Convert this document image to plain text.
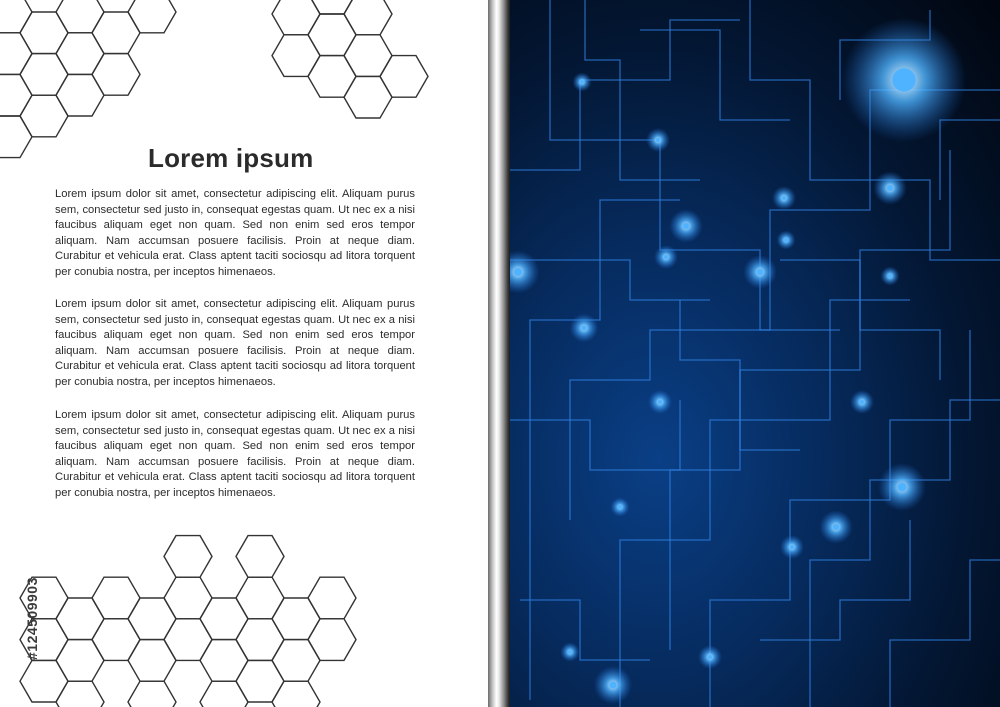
Lorem ipsum

Lorem ipsum dolor sit amet, consectetur adipiscing elit. Aliquam purus sem, consectetur sed justo in, consequat egestas quam. Ut nec ex a nisi faucibus aliquam eget non quam. Sed non enim sed eros tempor aliquam. Nam accumsan posuere facilisis. Proin at neque diam. Curabitur et vehicula erat. Class aptent taciti sociosqu ad litora torquent per conubia nostra, per inceptos himenaeos.

Lorem ipsum dolor sit amet, consectetur adipiscing elit. Aliquam purus sem, consectetur sed justo in, consequat egestas quam. Ut nec ex a nisi faucibus aliquam eget non quam. Sed non enim sed eros tempor aliquam. Nam accumsan posuere facilisis. Proin at neque diam. Curabitur et vehicula erat. Class aptent taciti sociosqu ad litora torquent per conubia nostra, per inceptos himenaeos.

Lorem ipsum dolor sit amet, consectetur adipiscing elit. Aliquam purus sem, consectetur sed justo in, consequat egestas quam. Ut nec ex a nisi faucibus aliquam eget non quam. Sed non enim sed eros tempor aliquam. Nam accumsan posuere facilisis. Proin at neque diam. Curabitur et vehicula erat. Class aptent taciti sociosqu ad litora torquent per conubia nostra, per inceptos himenaeos.

#124509903
